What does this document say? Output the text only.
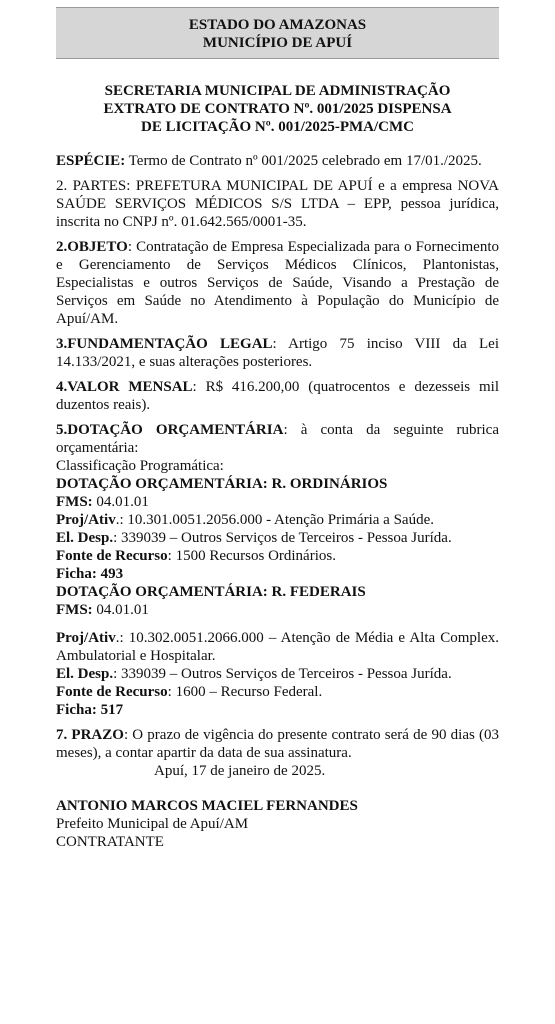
ESTADO DO AMAZONAS
MUNICÍPIO DE APUÍ
SECRETARIA MUNICIPAL DE ADMINISTRAÇÃO
EXTRATO DE CONTRATO Nº. 001/2025 DISPENSA
DE LICITAÇÃO Nº. 001/2025-PMA/CMC

ESPÉCIE: Termo de Contrato nº 001/2025 celebrado em 17/01./2025.

2. PARTES: PREFETURA MUNICIPAL DE APUÍ e a empresa NOVA SAÚDE SERVIÇOS MÉDICOS S/S LTDA – EPP, pessoa jurídica, inscrita no CNPJ nº. 01.642.565/0001-35.

2.OBJETO: Contratação de Empresa Especializada para o Fornecimento e Gerenciamento de Serviços Médicos Clínicos, Plantonistas, Especialistas e outros Serviços de Saúde, Visando a Prestação de Serviços em Saúde no Atendimento à População do Município de Apuí/AM.

3.FUNDAMENTAÇÃO LEGAL: Artigo 75 inciso VIII da Lei 14.133/2021, e suas alterações posteriores.

4.VALOR MENSAL: R$ 416.200,00 (quatrocentos e dezesseis mil duzentos reais).

5.DOTAÇÃO ORÇAMENTÁRIA: à conta da seguinte rubrica orçamentária:

Classificação Programática:

DOTAÇÃO ORÇAMENTÁRIA: R. ORDINÁRIOS

FMS: 04.01.01

Proj/Ativ.: 10.301.0051.2056.000 - Atenção Primária a Saúde.

El. Desp.: 339039 – Outros Serviços de Terceiros - Pessoa Jurída.

Fonte de Recurso: 1500 Recursos Ordinários.

Ficha: 493

DOTAÇÃO ORÇAMENTÁRIA: R. FEDERAIS

FMS: 04.01.01

Proj/Ativ.: 10.302.0051.2066.000 – Atenção de Média e Alta Complex. Ambulatorial e Hospitalar.

El. Desp.: 339039 – Outros Serviços de Terceiros - Pessoa Jurída.

Fonte de Recurso: 1600 – Recurso Federal.

Ficha: 517

7. PRAZO: O prazo de vigência do presente contrato será de 90 dias (03 meses), a contar apartir da data de sua assinatura.

Apuí, 17 de janeiro de 2025.

ANTONIO MARCOS MACIEL FERNANDES

Prefeito Municipal de Apuí/AM

CONTRATANTE
